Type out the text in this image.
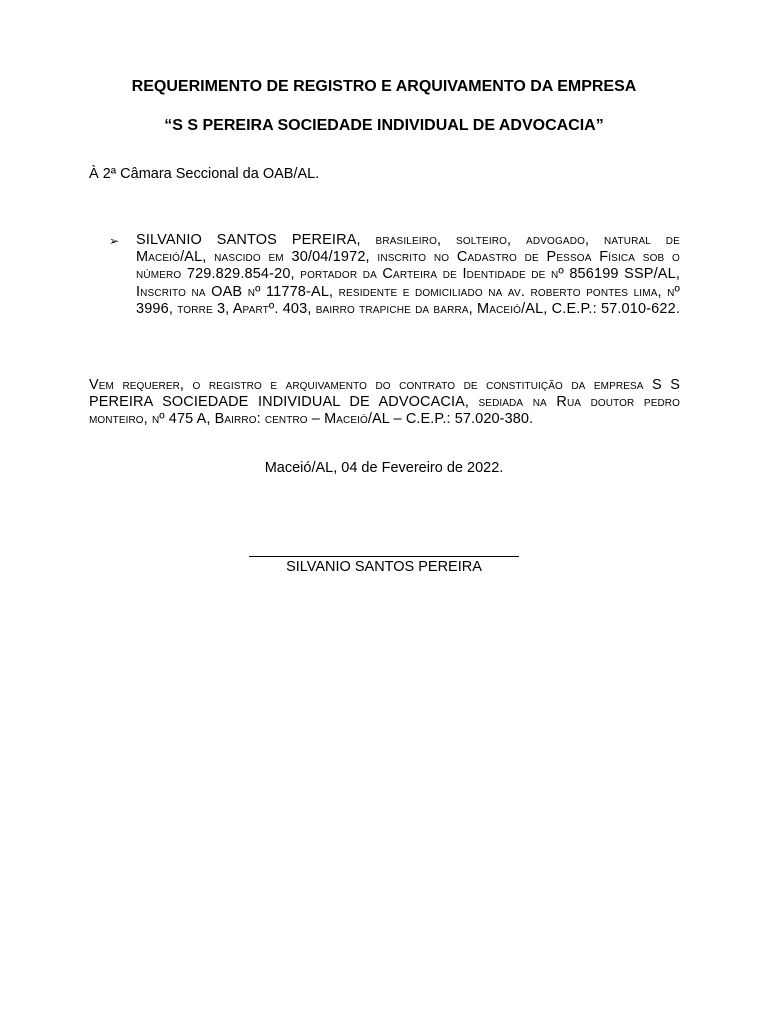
REQUERIMENTO DE REGISTRO E ARQUIVAMENTO DA EMPRESA
“S S PEREIRA SOCIEDADE INDIVIDUAL DE ADVOCACIA”
À 2ª Câmara Seccional da OAB/AL.
➢ SILVANIO SANTOS PEREIRA, brasileiro, solteiro, advogado, natural de Maceió/AL, nascido em 30/04/1972, inscrito no Cadastro de Pessoa Física sob o número 729.829.854-20, portador da Carteira de Identidade de nº 856199 SSP/AL, Inscrito na OAB nº 11778-AL, residente e domiciliado na av. roberto pontes lima, nº 3996, torre 3, Apartº. 403, bairro trapiche da barra, Maceió/AL, C.E.P.: 57.010-622.
Vem requerer, o registro e arquivamento do contrato de constituição da empresa S S PEREIRA SOCIEDADE INDIVIDUAL DE ADVOCACIA, sediada na Rua doutor pedro monteiro, nº 475 A, Bairro: centro – Maceió/AL – C.E.P.: 57.020-380.
Maceió/AL, 04 de Fevereiro de 2022.
SILVANIO SANTOS PEREIRA
